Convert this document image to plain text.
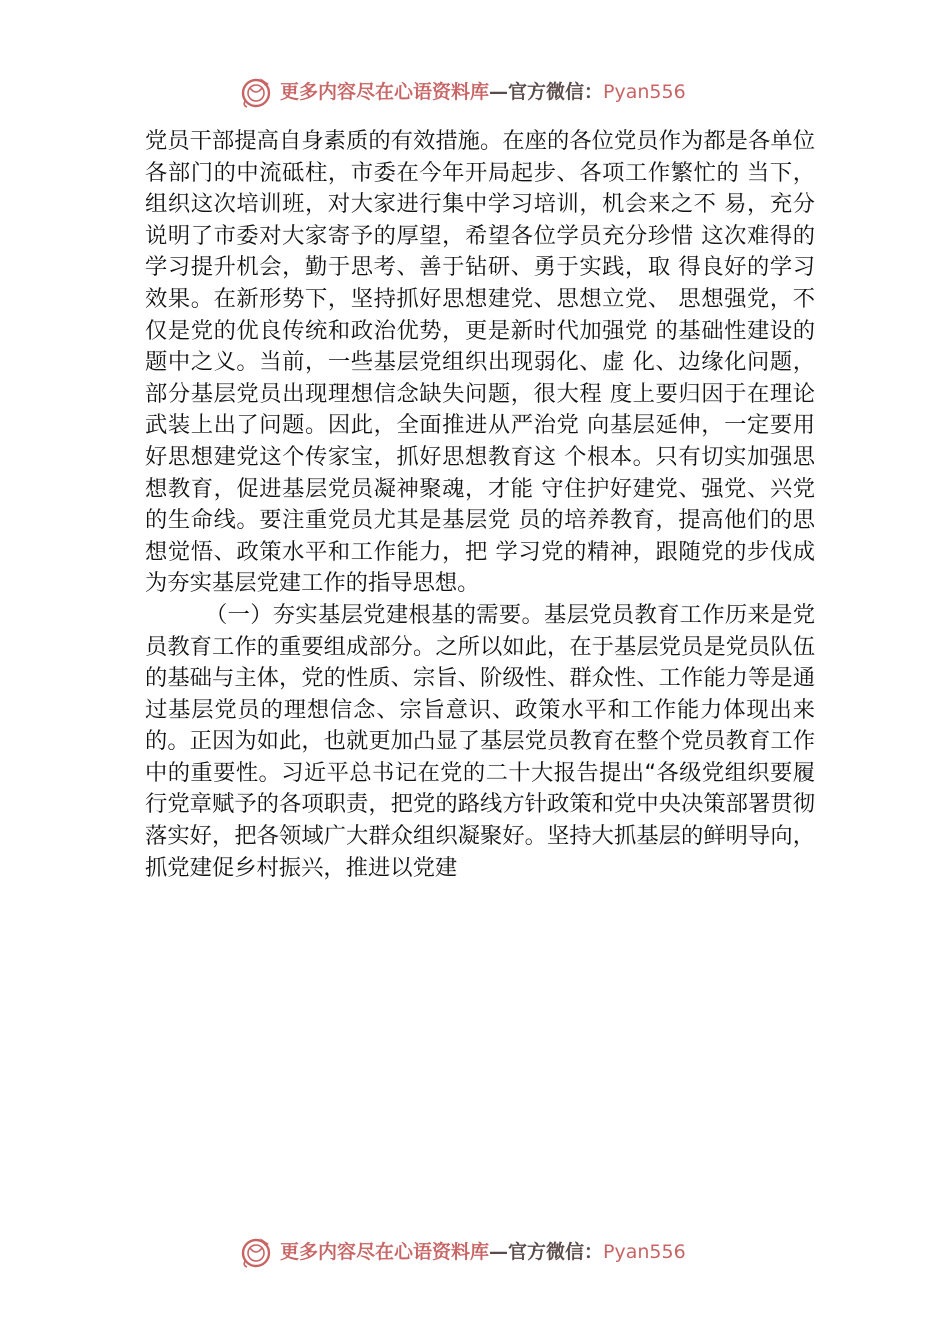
更多内容尽在心语资料库—官方微信：Pyan556

党员干部提高自身素质的有效措施。在座的各位党员作为都是各单位各部门的中流砥柱，市委在今年开局起步、各项工作繁忙的 当下，组织这次培训班，对大家进行集中学习培训，机会来之不 易，充分说明了市委对大家寄予的厚望，希望各位学员充分珍惜 这次难得的学习提升机会，勤于思考、善于钻研、勇于实践，取 得良好的学习效果。在新形势下，坚持抓好思想建党、思想立党、 思想强党，不仅是党的优良传统和政治优势，更是新时代加强党 的基础性建设的题中之义。当前，一些基层党组织出现弱化、虚 化、边缘化问题，部分基层党员出现理想信念缺失问题，很大程 度上要归因于在理论武装上出了问题。因此，全面推进从严治党 向基层延伸，一定要用好思想建党这个传家宝，抓好思想教育这 个根本。只有切实加强思想教育，促进基层党员凝神聚魂，才能 守住护好建党、强党、兴党的生命线。要注重党员尤其是基层党 员的培养教育，提高他们的思想觉悟、政策水平和工作能力，把 学习党的精神，跟随党的步伐成为夯实基层党建工作的指导思想。

（一）夯实基层党建根基的需要。基层党员教育工作历来是党员教育工作的重要组成部分。之所以如此，在于基层党员是党员队伍的基础与主体，党的性质、宗旨、阶级性、群众性、工作能力等是通过基层党员的理想信念、宗旨意识、政策水平和工作能力体现出来的。正因为如此，也就更加凸显了基层党员教育在整个党员教育工作中的重要性。习近平总书记在党的二十大报告提出“各级党组织要履行党章赋予的各项职责，把党的路线方针政策和党中央决策部署贯彻落实好，把各领域广大群众组织凝聚好。坚持大抓基层的鲜明导向，抓党建促乡村振兴，推进以党建

更多内容尽在心语资料库—官方微信：Pyan556
